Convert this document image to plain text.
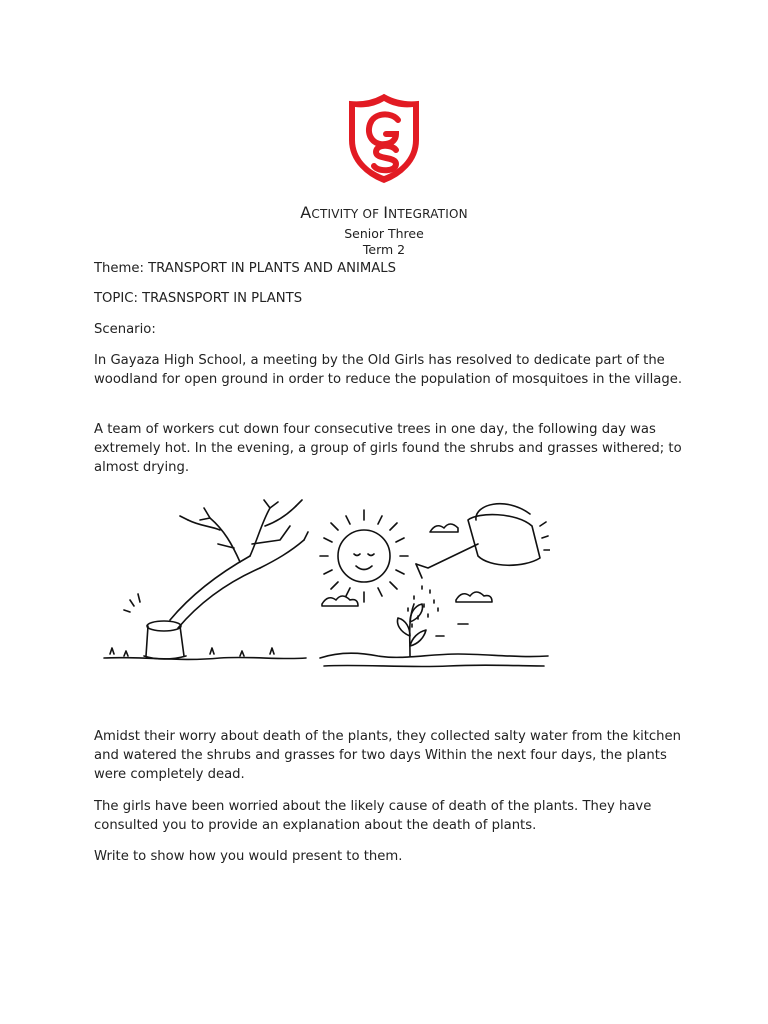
ACTIVITY OF INTEGRATION
Senior Three
Term 2

Theme: TRANSPORT IN PLANTS AND ANIMALS

TOPIC: TRASNSPORT IN PLANTS

Scenario:

In Gayaza High School, a meeting by the Old Girls has resolved to dedicate part of the woodland for open ground in order to reduce the population of mosquitoes in the village.

A team of workers cut down four consecutive trees in one day, the following day was extremely hot. In the evening, a group of girls found the shrubs and grasses withered; to almost drying.

Amidst their worry about death of the plants, they collected salty water from the kitchen and watered the shrubs and grasses for two days Within the next four days, the plants were completely dead.

The girls have been worried about the likely cause of death of the plants. They have consulted you to provide an explanation about the death of plants.

Write to show how you would present to them.
